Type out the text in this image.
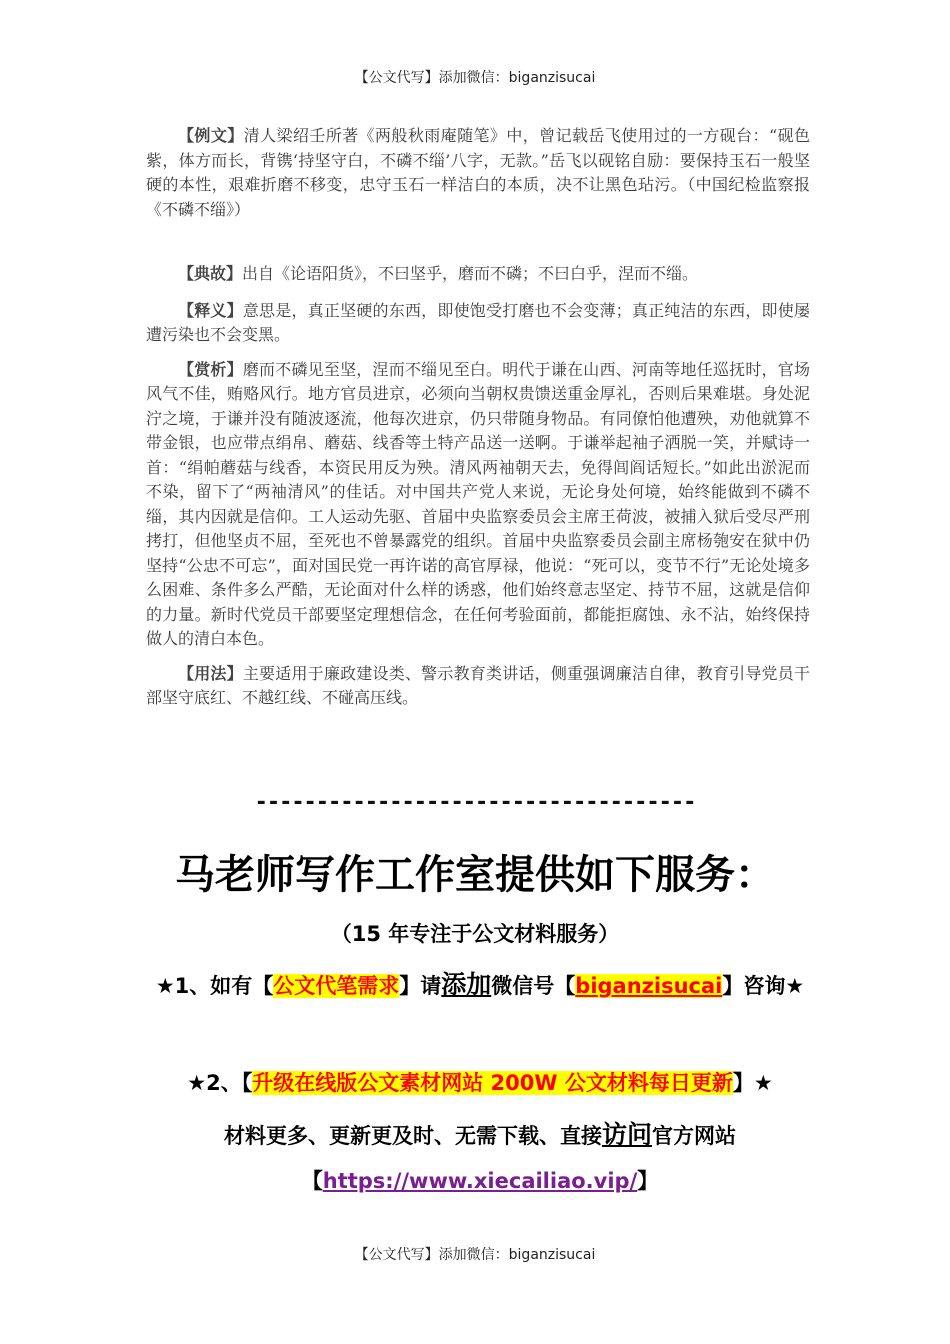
【公文代写】添加微信：biganzisucai

【例文】清人梁绍壬所著《两般秋雨庵随笔》中，曾记载岳飞使用过的一方砚台：“砚色紫，体方而长，背镌‘持坚守白，不磷不缁’八字，无款。”岳飞以砚铭自励：要保持玉石一般坚硬的本性，艰难折磨不移变，忠守玉石一样洁白的本质，决不让黑色玷污。（中国纪检监察报《不磷不缁》）

【典故】出自《论语阳货》，不曰坚乎，磨而不磷；不曰白乎，涅而不缁。

【释义】意思是，真正坚硬的东西，即使饱受打磨也不会变薄；真正纯洁的东西，即使屡遭污染也不会变黑。

【赏析】磨而不磷见至坚，涅而不缁见至白。明代于谦在山西、河南等地任巡抚时，官场风气不佳，贿赂风行。地方官员进京，必须向当朝权贵馈送重金厚礼，否则后果难堪。身处泥泞之境，于谦并没有随波逐流，他每次进京，仍只带随身物品。有同僚怕他遭殃，劝他就算不带金银，也应带点绢帛、蘑菇、线香等土特产品送一送啊。于谦举起袖子洒脱一笑，并赋诗一首：“绢帕蘑菇与线香，本资民用反为殃。清风两袖朝天去，免得闾阎话短长。”如此出淤泥而不染，留下了“两袖清风”的佳话。对中国共产党人来说，无论身处何境，始终能做到不磷不缁，其内因就是信仰。工人运动先驱、首届中央监察委员会主席王荷波，被捕入狱后受尽严刑拷打，但他坚贞不屈，至死也不曾暴露党的组织。首届中央监察委员会副主席杨匏安在狱中仍坚持“公忠不可忘”，面对国民党一再许诺的高官厚禄，他说：“死可以，变节不行”无论处境多么困难、条件多么严酷，无论面对什么样的诱惑，他们始终意志坚定、持节不屈，这就是信仰的力量。新时代党员干部要坚定理想信念，在任何考验面前，都能拒腐蚀、永不沾，始终保持做人的清白本色。

【用法】主要适用于廉政建设类、警示教育类讲话，侧重强调廉洁自律，教育引导党员干部坚守底红、不越红线、不碰高压线。

------------------------------------
马老师写作工作室提供如下服务：
（15 年专注于公文材料服务）
★1、如有【公文代笔需求】请添加微信号【biganzisucai】咨询★
★2、【升级在线版公文素材网站 200W 公文材料每日更新】★
材料更多、更新更及时、无需下载、直接访问官方网站
【https://www.xiecailiao.vip/】
【公文代写】添加微信：biganzisucai
